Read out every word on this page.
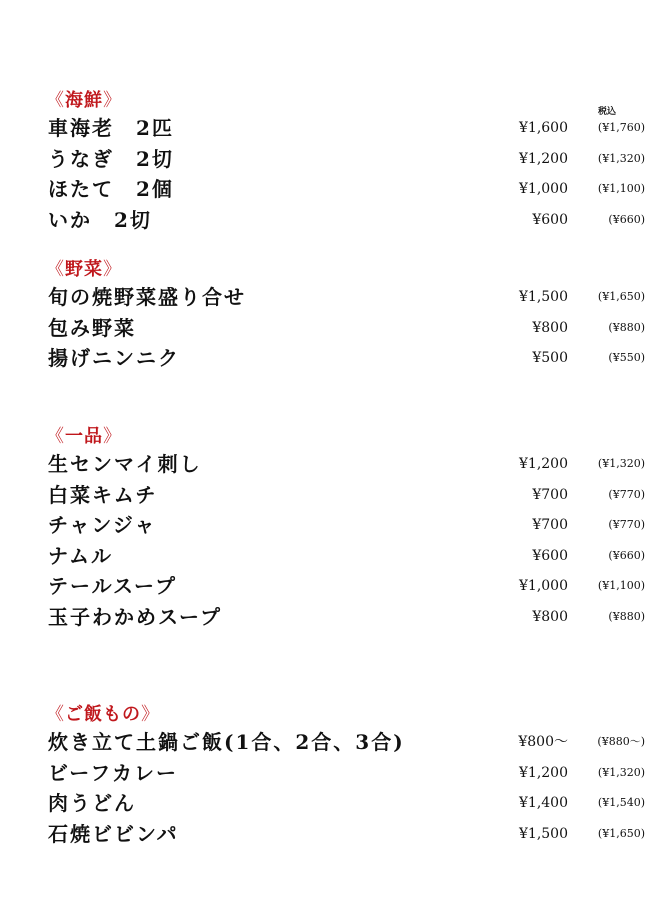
税込
《海鮮》
車海老　2匹	¥1,600	(¥1,760)
うなぎ　2切	¥1,200	(¥1,320)
ほたて　2個	¥1,000	(¥1,100)
いか　2切	¥600	(¥660)
《野菜》
旬の焼野菜盛り合せ	¥1,500	(¥1,650)
包み野菜	¥800	(¥880)
揚げニンニク	¥500	(¥550)
《一品》
生センマイ刺し	¥1,200	(¥1,320)
白菜キムチ	¥700	(¥770)
チャンジャ	¥700	(¥770)
ナムル	¥600	(¥660)
テールスープ	¥1,000	(¥1,100)
玉子わかめスープ	¥800	(¥880)
《ご飯もの》
炊き立て土鍋ご飯(1合、2合、3合)	¥800～	(¥880～)
ビーフカレー	¥1,200	(¥1,320)
肉うどん	¥1,400	(¥1,540)
石焼ビビンパ	¥1,500	(¥1,650)
